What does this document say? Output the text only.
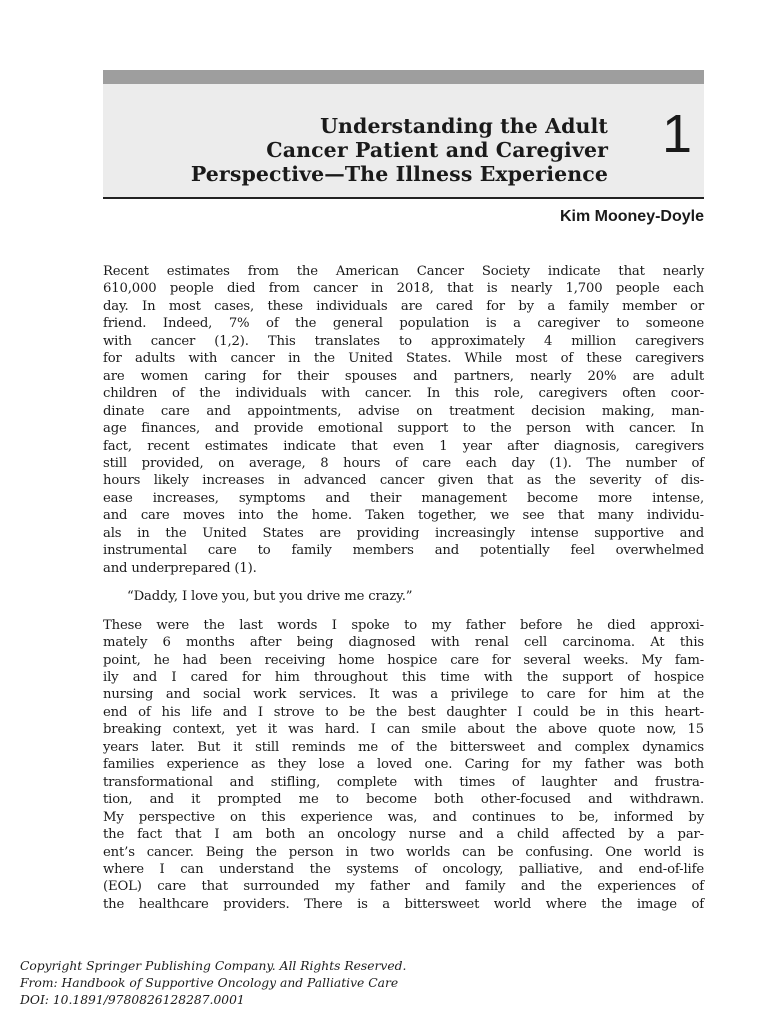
Understanding the Adult
Cancer Patient and Caregiver
Perspective—The Illness Experience
1
Kim Mooney-Doyle

Recent estimates from the American Cancer Society indicate that nearly
610,000 people died from cancer in 2018, that is nearly 1,700 people each
day. In most cases, these individuals are cared for by a family member or
friend. Indeed, 7% of the general population is a caregiver to someone
with cancer (1,2). This translates to approximately 4 million caregivers
for adults with cancer in the United States. While most of these caregivers
are women caring for their spouses and partners, nearly 20% are adult
children of the individuals with cancer. In this role, caregivers often coor-
dinate care and appointments, advise on treatment decision making, man-
age finances, and provide emotional support to the person with cancer. In
fact, recent estimates indicate that even 1 year after diagnosis, caregivers
still provided, on average, 8 hours of care each day (1). The number of
hours likely increases in advanced cancer given that as the severity of dis-
ease increases, symptoms and their management become more intense,
and care moves into the home. Taken together, we see that many individu-
als in the United States are providing increasingly intense supportive and
instrumental care to family members and potentially feel overwhelmed
and underprepared (1).

“Daddy, I love you, but you drive me crazy.”

These were the last words I spoke to my father before he died approxi-
mately 6 months after being diagnosed with renal cell carcinoma. At this
point, he had been receiving home hospice care for several weeks. My fam-
ily and I cared for him throughout this time with the support of hospice
nursing and social work services. It was a privilege to care for him at the
end of his life and I strove to be the best daughter I could be in this heart-
breaking context, yet it was hard. I can smile about the above quote now, 15
years later. But it still reminds me of the bittersweet and complex dynamics
families experience as they lose a loved one. Caring for my father was both
transformational and stifling, complete with times of laughter and frustra-
tion, and it prompted me to become both other-focused and withdrawn.
My perspective on this experience was, and continues to be, informed by
the fact that I am both an oncology nurse and a child affected by a par-
ent’s cancer. Being the person in two worlds can be confusing. One world is
where I can understand the systems of oncology, palliative, and end-of-life
(EOL) care that surrounded my father and family and the experiences of
the healthcare providers. There is a bittersweet world where the image of

Copyright Springer Publishing Company. All Rights Reserved.
From: Handbook of Supportive Oncology and Palliative Care
DOI: 10.1891/9780826128287.0001
